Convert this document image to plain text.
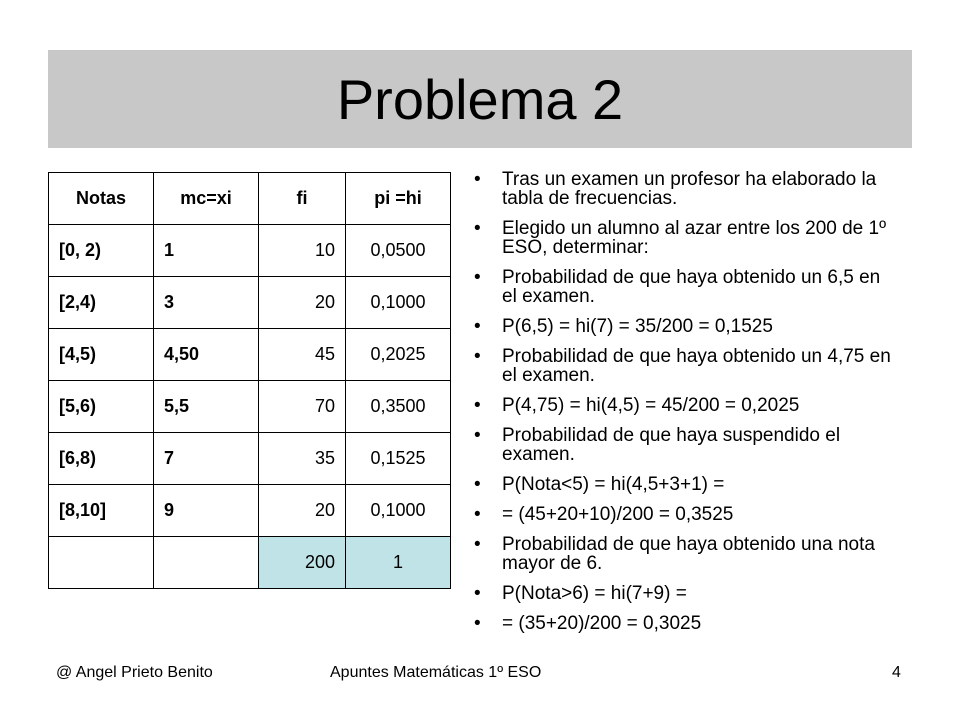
Problema 2
Notas	mc=xi	fi	pi =hi
[0, 2)	1	10	0,0500
[2,4)	3	20	0,1000
[4,5)	4,50	45	0,2025
[5,6)	5,5	70	0,3500
[6,8)	7	35	0,1525
[8,10]	9	20	0,1000
		200	1
• Tras un examen un profesor ha elaborado la tabla de frecuencias.
• Elegido un alumno al azar entre los 200 de 1º ESO, determinar:
• Probabilidad de que haya obtenido un 6,5 en el examen.
• P(6,5) = hi(7) = 35/200 = 0,1525
• Probabilidad de que haya obtenido un 4,75 en el examen.
• P(4,75) = hi(4,5) = 45/200 = 0,2025
• Probabilidad de que haya suspendido el examen.
• P(Nota<5) = hi(4,5+3+1) =
• = (45+20+10)/200 = 0,3525
• Probabilidad de que haya obtenido una nota mayor de 6.
• P(Nota>6) = hi(7+9) =
• = (35+20)/200 = 0,3025
@ Angel Prieto Benito	Apuntes Matemáticas 1º ESO	4
